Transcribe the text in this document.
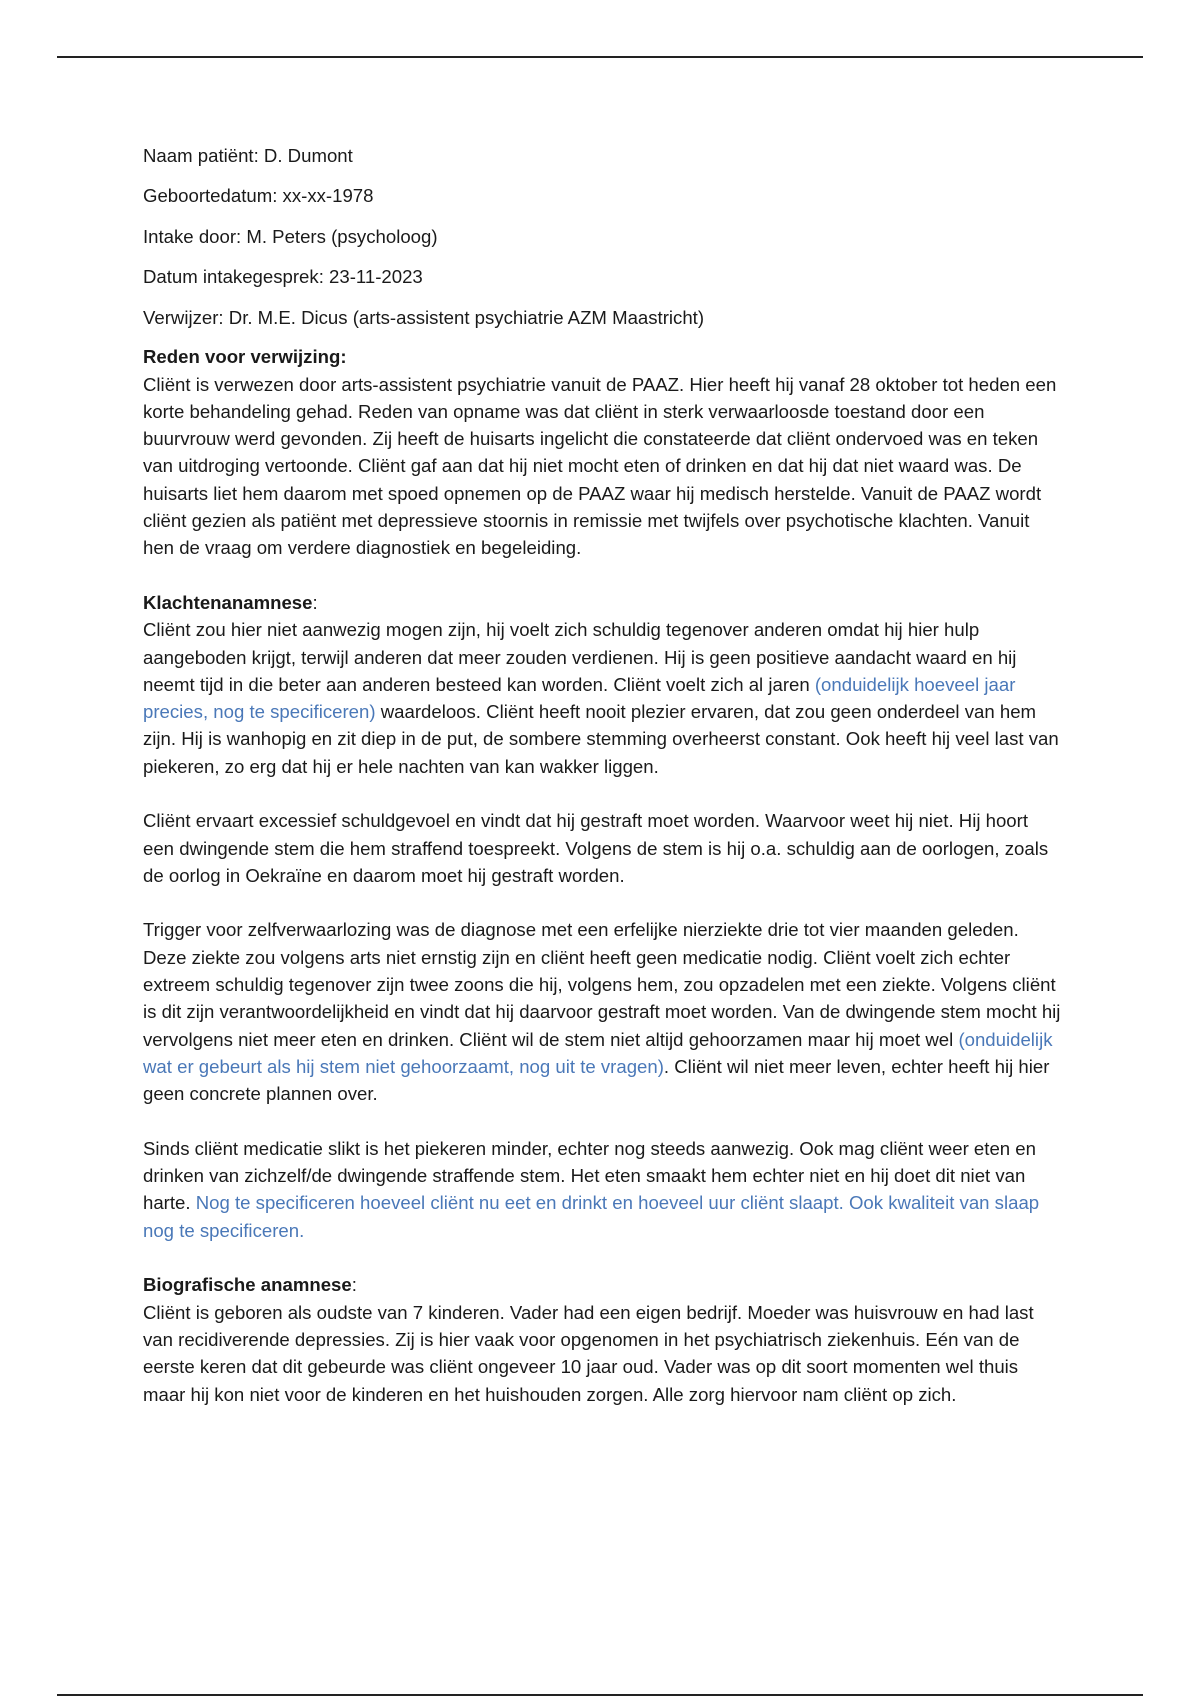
Naam patiënt: D. Dumont
Geboortedatum: xx-xx-1978
Intake door: M. Peters (psycholoog)
Datum intakegesprek: 23-11-2023
Verwijzer: Dr. M.E. Dicus (arts-assistent psychiatrie AZM Maastricht)
Reden voor verwijzing:

Cliënt is verwezen door arts-assistent psychiatrie vanuit de PAAZ. Hier heeft hij vanaf 28 oktober tot heden een korte behandeling gehad. Reden van opname was dat cliënt in sterk verwaarloosde toestand door een buurvrouw werd gevonden. Zij heeft de huisarts ingelicht die constateerde dat cliënt ondervoed was en teken van uitdroging vertoonde. Cliënt gaf aan dat hij niet mocht eten of drinken en dat hij dat niet waard was. De huisarts liet hem daarom met spoed opnemen op de PAAZ waar hij medisch herstelde. Vanuit de PAAZ wordt cliënt gezien als patiënt met depressieve stoornis in remissie met twijfels over psychotische klachten. Vanuit hen de vraag om verdere diagnostiek en begeleiding.

Klachtenanamnese:

Cliënt zou hier niet aanwezig mogen zijn, hij voelt zich schuldig tegenover anderen omdat hij hier hulp aangeboden krijgt, terwijl anderen dat meer zouden verdienen. Hij is geen positieve aandacht waard en hij neemt tijd in die beter aan anderen besteed kan worden. Cliënt voelt zich al jaren (onduidelijk hoeveel jaar precies, nog te specificeren) waardeloos. Cliënt heeft nooit plezier ervaren, dat zou geen onderdeel van hem zijn. Hij is wanhopig en zit diep in de put, de sombere stemming overheerst constant. Ook heeft hij veel last van piekeren, zo erg dat hij er hele nachten van kan wakker liggen.

Cliënt ervaart excessief schuldgevoel en vindt dat hij gestraft moet worden. Waarvoor weet hij niet. Hij hoort een dwingende stem die hem straffend toespreekt. Volgens de stem is hij o.a. schuldig aan de oorlogen, zoals de oorlog in Oekraïne en daarom moet hij gestraft worden.

Trigger voor zelfverwaarlozing was de diagnose met een erfelijke nierziekte drie tot vier maanden geleden. Deze ziekte zou volgens arts niet ernstig zijn en cliënt heeft geen medicatie nodig. Cliënt voelt zich echter extreem schuldig tegenover zijn twee zoons die hij, volgens hem, zou opzadelen met een ziekte. Volgens cliënt is dit zijn verantwoordelijkheid en vindt dat hij daarvoor gestraft moet worden. Van de dwingende stem mocht hij vervolgens niet meer eten en drinken. Cliënt wil de stem niet altijd gehoorzamen maar hij moet wel (onduidelijk wat er gebeurt als hij stem niet gehoorzaamt, nog uit te vragen). Cliënt wil niet meer leven, echter heeft hij hier geen concrete plannen over.

Sinds cliënt medicatie slikt is het piekeren minder, echter nog steeds aanwezig. Ook mag cliënt weer eten en drinken van zichzelf/de dwingende straffende stem. Het eten smaakt hem echter niet en hij doet dit niet van harte. Nog te specificeren hoeveel cliënt nu eet en drinkt en hoeveel uur cliënt slaapt. Ook kwaliteit van slaap nog te specificeren.

Biografische anamnese:

Cliënt is geboren als oudste van 7 kinderen. Vader had een eigen bedrijf. Moeder was huisvrouw en had last van recidiverende depressies. Zij is hier vaak voor opgenomen in het psychiatrisch ziekenhuis. Eén van de eerste keren dat dit gebeurde was cliënt ongeveer 10 jaar oud. Vader was op dit soort momenten wel thuis maar hij kon niet voor de kinderen en het huishouden zorgen. Alle zorg hiervoor nam cliënt op zich.
